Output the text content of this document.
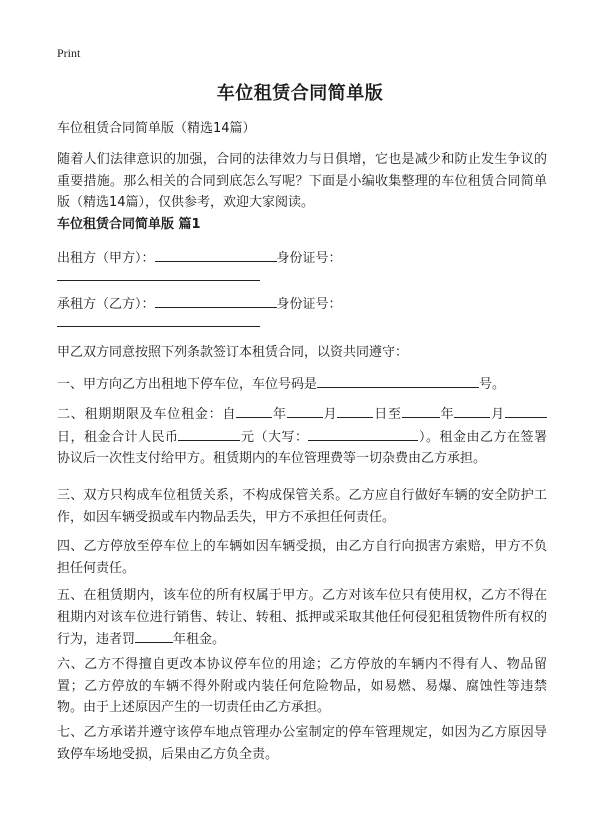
Print
车位租赁合同简单版

车位租赁合同简单版（精选14篇）

随着人们法律意识的加强，合同的法律效力与日俱增，它也是减少和防止发生争议的重要措施。那么相关的合同到底怎么写呢？下面是小编收集整理的车位租赁合同简单版（精选14篇），仅供参考，欢迎大家阅读。

车位租赁合同简单版 篇1

出租方（甲方）：	身份证号：
承租方（乙方）：	身份证号：

甲乙双方同意按照下列条款签订本租赁合同，以资共同遵守：

一、甲方向乙方出租地下停车位，车位号码是	号。

二、租期期限及车位租金：自	年	月	日至	年	月日，租金合计人民币	元（大写：	）。租金由乙方在签署协议后一次性支付给甲方。租赁期内的车位管理费等一切杂费由乙方承担。

三、双方只构成车位租赁关系，不构成保管关系。乙方应自行做好车辆的安全防护工作，如因车辆受损或车内物品丢失，甲方不承担任何责任。

四、乙方停放至停车位上的车辆如因车辆受损，由乙方自行向损害方索赔，甲方不负担任何责任。

五、在租赁期内，该车位的所有权属于甲方。乙方对该车位只有使用权，乙方不得在租期内对该车位进行销售、转让、转租、抵押或采取其他任何侵犯租赁物件所有权的行为，违者罚	年租金。

六、乙方不得擅自更改本协议停车位的用途；乙方停放的车辆内不得有人、物品留置；乙方停放的车辆不得外附或内装任何危险物品，如易燃、易爆、腐蚀性等违禁物。由于上述原因产生的一切责任由乙方承担。

七、乙方承诺并遵守该停车地点管理办公室制定的停车管理规定，如因为乙方原因导致停车场地受损，后果由乙方负全责。
